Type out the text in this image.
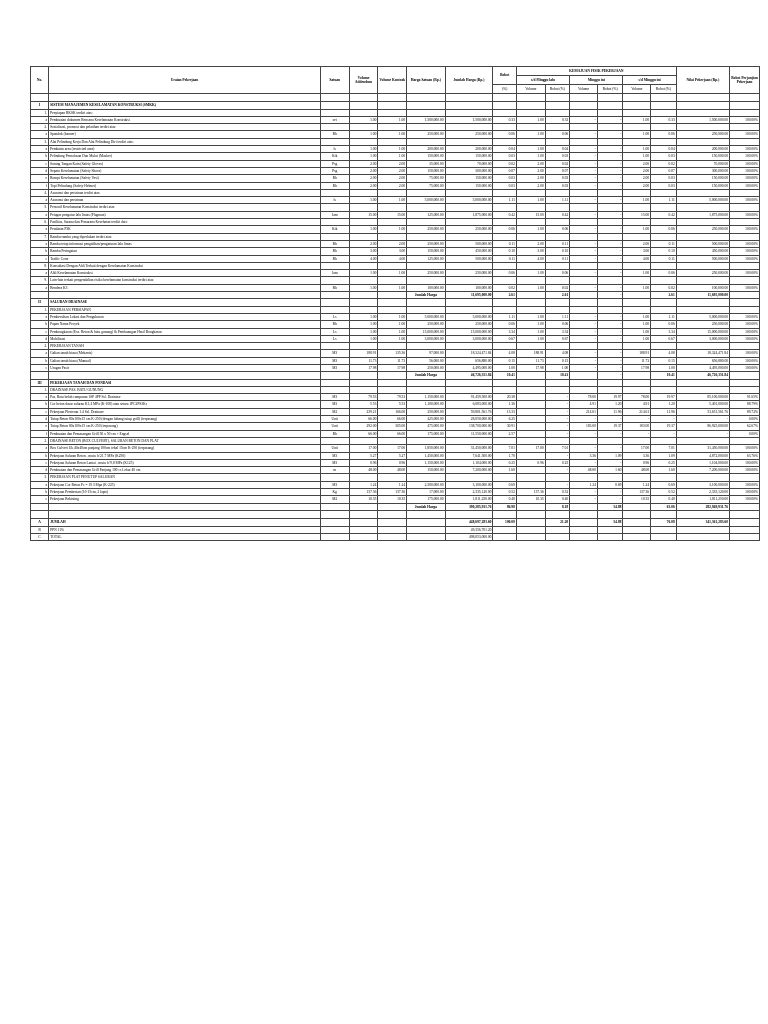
No.	Uraian Pekerjaan	Satuan	Volume Addendum	Volume Kontrak	Harga Satuan (Rp.)	Jumlah Harga (Rp.)	Bobot	KEMAJUAN FISIK PEKERJAAN						Nilai Pekerjaan (Rp.)	Bobot Perjanjian Pekerjaan
								s/d Minggu lalu		Minggu ini		s/d Minggu ini			
							(%)	Volume	Bobot (%)	Volume	Bobot (%)	Volume	Bobot (%)		

I	SISTEM MANAJEMEN KESELAMATAN KONSTRUKSI (SMKK)														
1.	Penyiapan RKSK terdiri atas:														
a	Pembuatan dokumen Rencana Keselamatan Konstruksi	set	1.00	1.00	1,500,000.00	1,500,000.00	0.33	1.00	0.33	-	-	1.00	0.33	1,500,000.00	100.00%
2.	Sosialisasi, promosi dan pelatihan terdiri atas:														
a	Spanduk (banner)	Bh	1.00	1.00	250,000.00	250,000.00	0.06	1.00	0.06	-	-	1.00	0.06	250,000.00	100.00%
3.	Alat Pelindung Kerja Dan Alat Pelindung Diri terdiri atas:														
a	Pembatas area (restricted area)	ls	1.00	1.00	200,000.00	200,000.00	0.04	1.00	0.04	-	-	1.00	0.04	200,000.00	100.00%
b	Pelindung Pernafasan Dan Mulut (Masker)	Ktk	1.00	1.00	150,000.00	150,000.00	0.03	1.00	0.03	-	-	1.00	0.03	150,000.00	100.00%
c	Sarung Tangan Kain (Safety Gloves)	Psg	2.00	2.00	35,000.00	70,000.00	0.02	2.00	0.02	-	-	2.00	0.02	70,000.00	100.00%
d	Sepatu Keselamatan (Safety Shoes)	Psg	2.00	2.00	150,000.00	300,000.00	0.07	2.00	0.07	-	-	2.00	0.07	300,000.00	100.00%
e	Rompi Keselamatan (Safety Vest)	Bh	2.00	2.00	75,000.00	150,000.00	0.03	2.00	0.03	-	-	2.00	0.03	150,000.00	100.00%
f	Topi Pelindung (Safety Helmet)	Bh	2.00	2.00	75,000.00	150,000.00	0.03	2.00	0.03	-	-	2.00	0.03	150,000.00	100.00%
4.	Asuransi dan perizinan terdiri atas:														
a	Asuransi dan perizinan	ls	1.00	1.00	5,000,000.00	5,000,000.00	1.11	1.00	1.11	-	-	1.00	1.11	5,000,000.00	100.00%
5.	Personil Keselamatan Konstruksi terdiri atas:														
a	Petugas pengatur lalu lintas (Flagman)	Jam	15.00	15.00	125,000.00	1,875,000.00	0.42	15.00	0.42	-	-	15.00	0.42	1,875,000.00	100.00%
6.	Fasilitas, Sarana dan Prasarana Kesehatan terdiri dari:														
a	Peralatan P3K	Ktk	1.00	1.00	250,000.00	250,000.00	0.06	1.00	0.06	-	-	1.00	0.06	250,000.00	100.00%
7.	Rambu-rambu yang diperlukan terdiri atas:														
a	Rambu tetap informasi pengalihan/pengaturan lalu lintas	Bh	2.00	2.00	250,000.00	500,000.00	0.11	2.00	0.11	-	-	2.00	0.11	500,000.00	100.00%
b	Rambu Peringatan	Bh	3.00	3.00	150,000.00	450,000.00	0.10	3.00	0.10	-	-	3.00	0.10	450,000.00	100.00%
c	Traffic Cone	Bh	4.00	4.00	125,000.00	500,000.00	0.11	4.00	0.11	-	-	4.00	0.11	500,000.00	100.00%
8.	Konsultasi Dengan Ahli Terkait dengan Keselamatan Konstruksi														
a	Ahli Keselamatan Konstruksi	Jam	1.00	1.00	250,000.00	250,000.00	0.06	1.00	0.06	-	-	1.00	0.06	250,000.00	100.00%
9.	Lain-lain terkait pengendalian risiko keselamatan konstruksi terdiri atas:														
a	Bendera K3	Bh	1.00	1.00	100,000.00	100,000.00	0.02	1.00	0.02	-	-	1.00	0.02	100,000.00	100.00%
					Jumlah Harga	11,695,000.00	2.61		2.61		-		2.61	11,695,000.00	
II	SALURAN DRAINASE														
1.	PEKERJAAN PERSIAPAN														
a	Pembersihan Lokasi dan Pengukuran	Ls	1.00	1.00	5,000,000.00	5,000,000.00	1.11	1.00	1.11	-	-	1.00	1.11	5,000,000.00	100.00%
b	Papan Nama Proyek	Bh	1.00	1.00	250,000.00	250,000.00	0.06	1.00	0.06	-	-	1.00	0.06	250,000.00	100.00%
c	Pembongkaran (Exs. Beton & batu gunung) & Pembuangan Hasil Bongkaran	Ls	1.00	1.00	15,000,000.00	15,000,000.00	3.34	1.00	3.34	-	-	1.00	3.34	15,000,000.00	100.00%
d	Mobilisasi	Ls	1.00	1.00	3,000,000.00	3,000,000.00	0.67	1.00	0.67	-	-	1.00	0.67	3,000,000.00	100.00%
2.	PEKERJAAN TANAH														
a	Galian tanah biasa (Mekanis)	M3	188.91	135.36	97,000.00	18,324,471.84	4.08	188.91	4.08	-	-	188.91	4.08	18,324,471.84	100.00%
b	Galian tanah biasa (Manual)	M3	11.73	11.73	56,000.00	656,880.00	0.15	11.73	0.15	-	-	11.73	0.15	656,880.00	100.00%
c	Urugan Pasir	M3	17.98	17.98	250,000.00	4,495,000.00	1.00	17.98	1.00	-	-	17.98	1.00	4,495,000.00	100.00%
					Jumlah Harga	46,726,351.84	10.41		10.41		-		10.41	46,726,351.84	
III	PEKERJAAN TANAH DAN PONDASI														
1.	DRAINASE PAS. BATU GUNUNG														
a	Pas. Batu belah campuran 1SP 4PP Ssl. Drainase	M3	79.53	79.53	1,150,000.00	91,459,500.00	20.38		-	78.00	19.97	78.00	19.97	85,100,000.00	91.65%
b	Cor beton dasar saluran K1,4 MPa (K-100) atau setara 1PC2PS3Kr	M3	5.53	5.53	1,100,000.00	6,083,000.00	1.36		-	4.91	1.20	4.91	1.20	5,401,000.00	88.79%
c	Pekerjaan Plesteran 1:4 Ssl. Drainase	M2	239.21	166.00	250,000.00	59,801,561.76	13.33		-	214.61	11.96	214.61	11.96	53,651,561.76	89.72%
d	Tutup Beton 80x100x15 cm K-250 (dengan lubang tutup grill) (terpasang)	Unit	66.00	66.00	425,000.00	28,050,000.00	6.25		-	-	-	-	-	-	0.00%
e	Tutup Beton 80x100x15 cm K-250 (terpasang)	Unit	292.00	305.00	475,000.00	138,700,000.00	30.91		-	183.00	19.37	183.00	19.37	86,925,000.00	62.67%
f	Pembuatan dan Pemasangan Grill 50 x 50 cm + Engsel	Bh	66.00	66.00	175,000.00	11,550,000.00	2.57		-	-	-	-	-	-	0.00%
2.	DRAINASE BETON (BOX CULVERT), SALURAN BETON DAN PLAT														
a	Box Culvert Uk.40x40cm panjang 100cm tebal 15cm K-250 (terpasang)	Unit	17.00	17.00	1,850,000.00	31,450,000.00	7.01	17.00	7.01	-	-	17.00	7.01	31,450,000.00	100.00%
b	Pekerjaan Saluran Beton , mutu fc'21,7 MPa (K250)	M3	5.27	5.27	1,450,000.00	7,641,500.00	1.70		-	3.36	1.09	3.36	1.09	4,872,000.00	63.76%
c	Pekerjaan Saluran Beton Lantai , mutu fc'9,8 MPa (K125)	M3	0.96	0.96	1,150,000.00	1,104,000.00	0.25	0.96	0.25	-	-	0.96	0.25	1,104,000.00	100.00%
d	Pembuatan dan Pemasangan Grill Panjang 100 cs Lebar 40 cm	m	48.00	48.00	150,000.00	7,200,000.00	1.60		-	48.00	1.60	48.00	1.60	7,200,000.00	100.00%
3.	PEKERJAAN PLAT PENUTUP SALURAN														
a	Pekerjaan Cor Beton Fc = 19.3 Mpa (K-225)	M3	1.24	1.24	2,500,000.00	3,100,000.00	0.69		-	1.24	0.69	1.24	0.69	3,100,000.00	100.00%
b	Pekerjaan Pembesian (10-15cm, 2 lapis)	Kg	137.36	137.36	17,000.00	2,335,120.00	0.52	137.36	0.52	-	-	137.36	0.52	2,335,120.00	100.00%
c	Pekerjaan Bekisting	M2	10.35	10.35	175,000.00	1,811,250.00	0.40	10.35	0.40	-	-	10.35	0.40	1,811,250.00	100.00%
					Jumlah Harga	390,285,931.76	86.98		8.18		54.88		63.06	282,949,931.76	

A	JUMLAH					448,697,283.60	100.00		21.20		54.88		76.08	341,361,283.60	
B	PPN 11%					49,356,701.20									
C	TOTAL					498,053,000.00									
